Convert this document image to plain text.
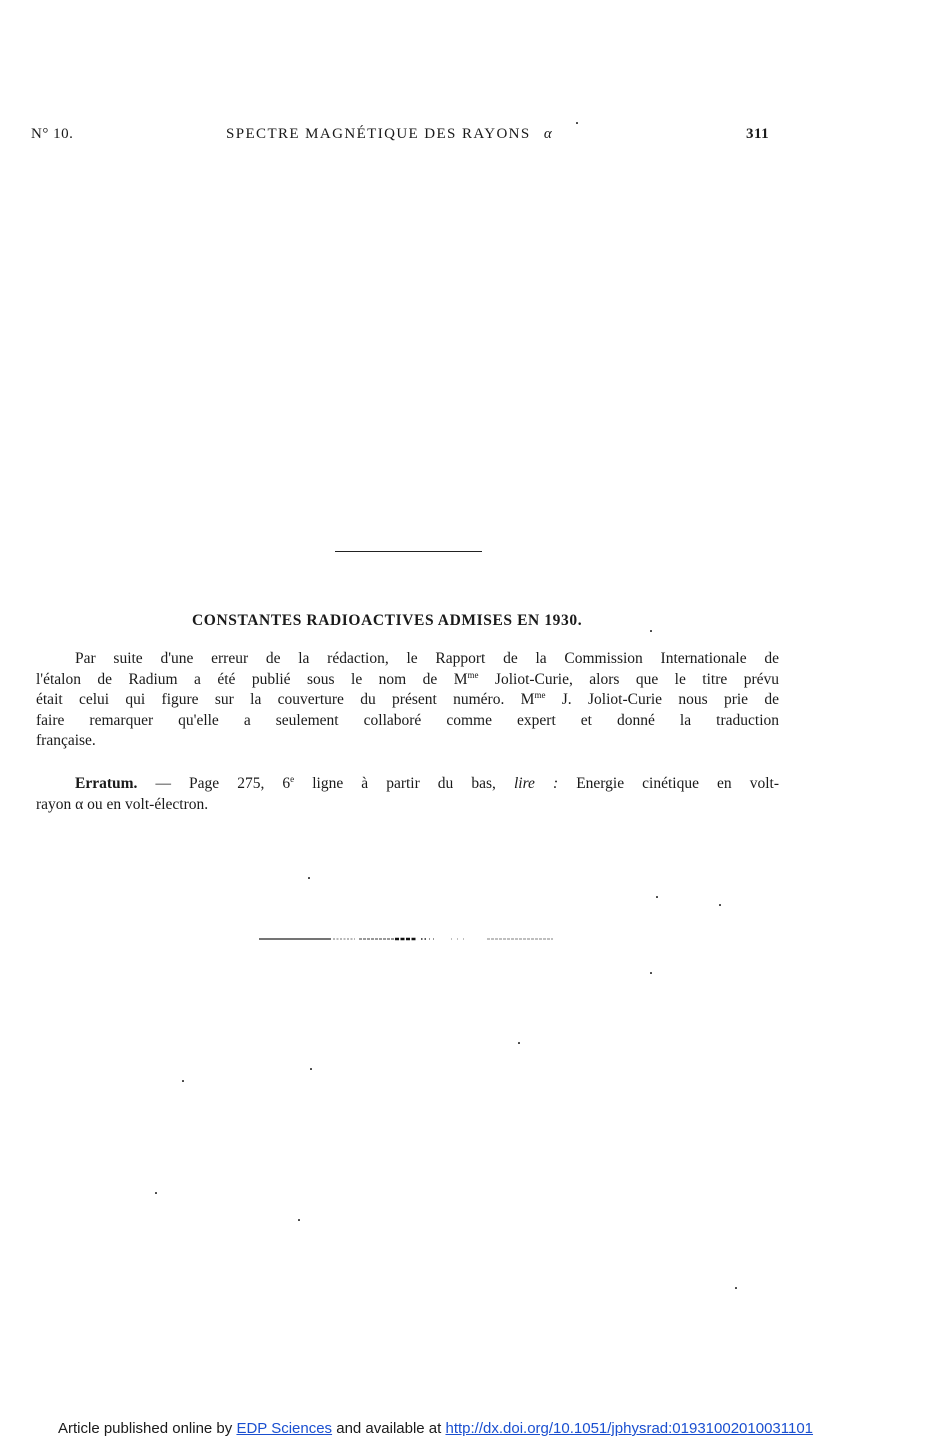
N° 10.	SPECTRE MAGNÉTIQUE DES RAYONS α	311
CONSTANTES RADIOACTIVES ADMISES EN 1930.
Par suite d'une erreur de la rédaction, le Rapport de la Commission Internationale de
l'étalon de Radium a été publié sous le nom de $M^{me}$ Joliot-Curie, alors que le titre prévu
était celui qui figure sur la couverture du présent numéro. $M^{me}$ J. Joliot-Curie nous prie de
faire remarquer qu'elle a seulement collaboré comme expert et donné la traduction
française.
Erratum. — Page 275, 6e ligne à partir du bas, lire : Energie cinétique en volt-
rayon α ou en volt-électron.
Article published online by EDP Sciences and available at http://dx.doi.org/10.1051/jphysrad:01931002010031101
